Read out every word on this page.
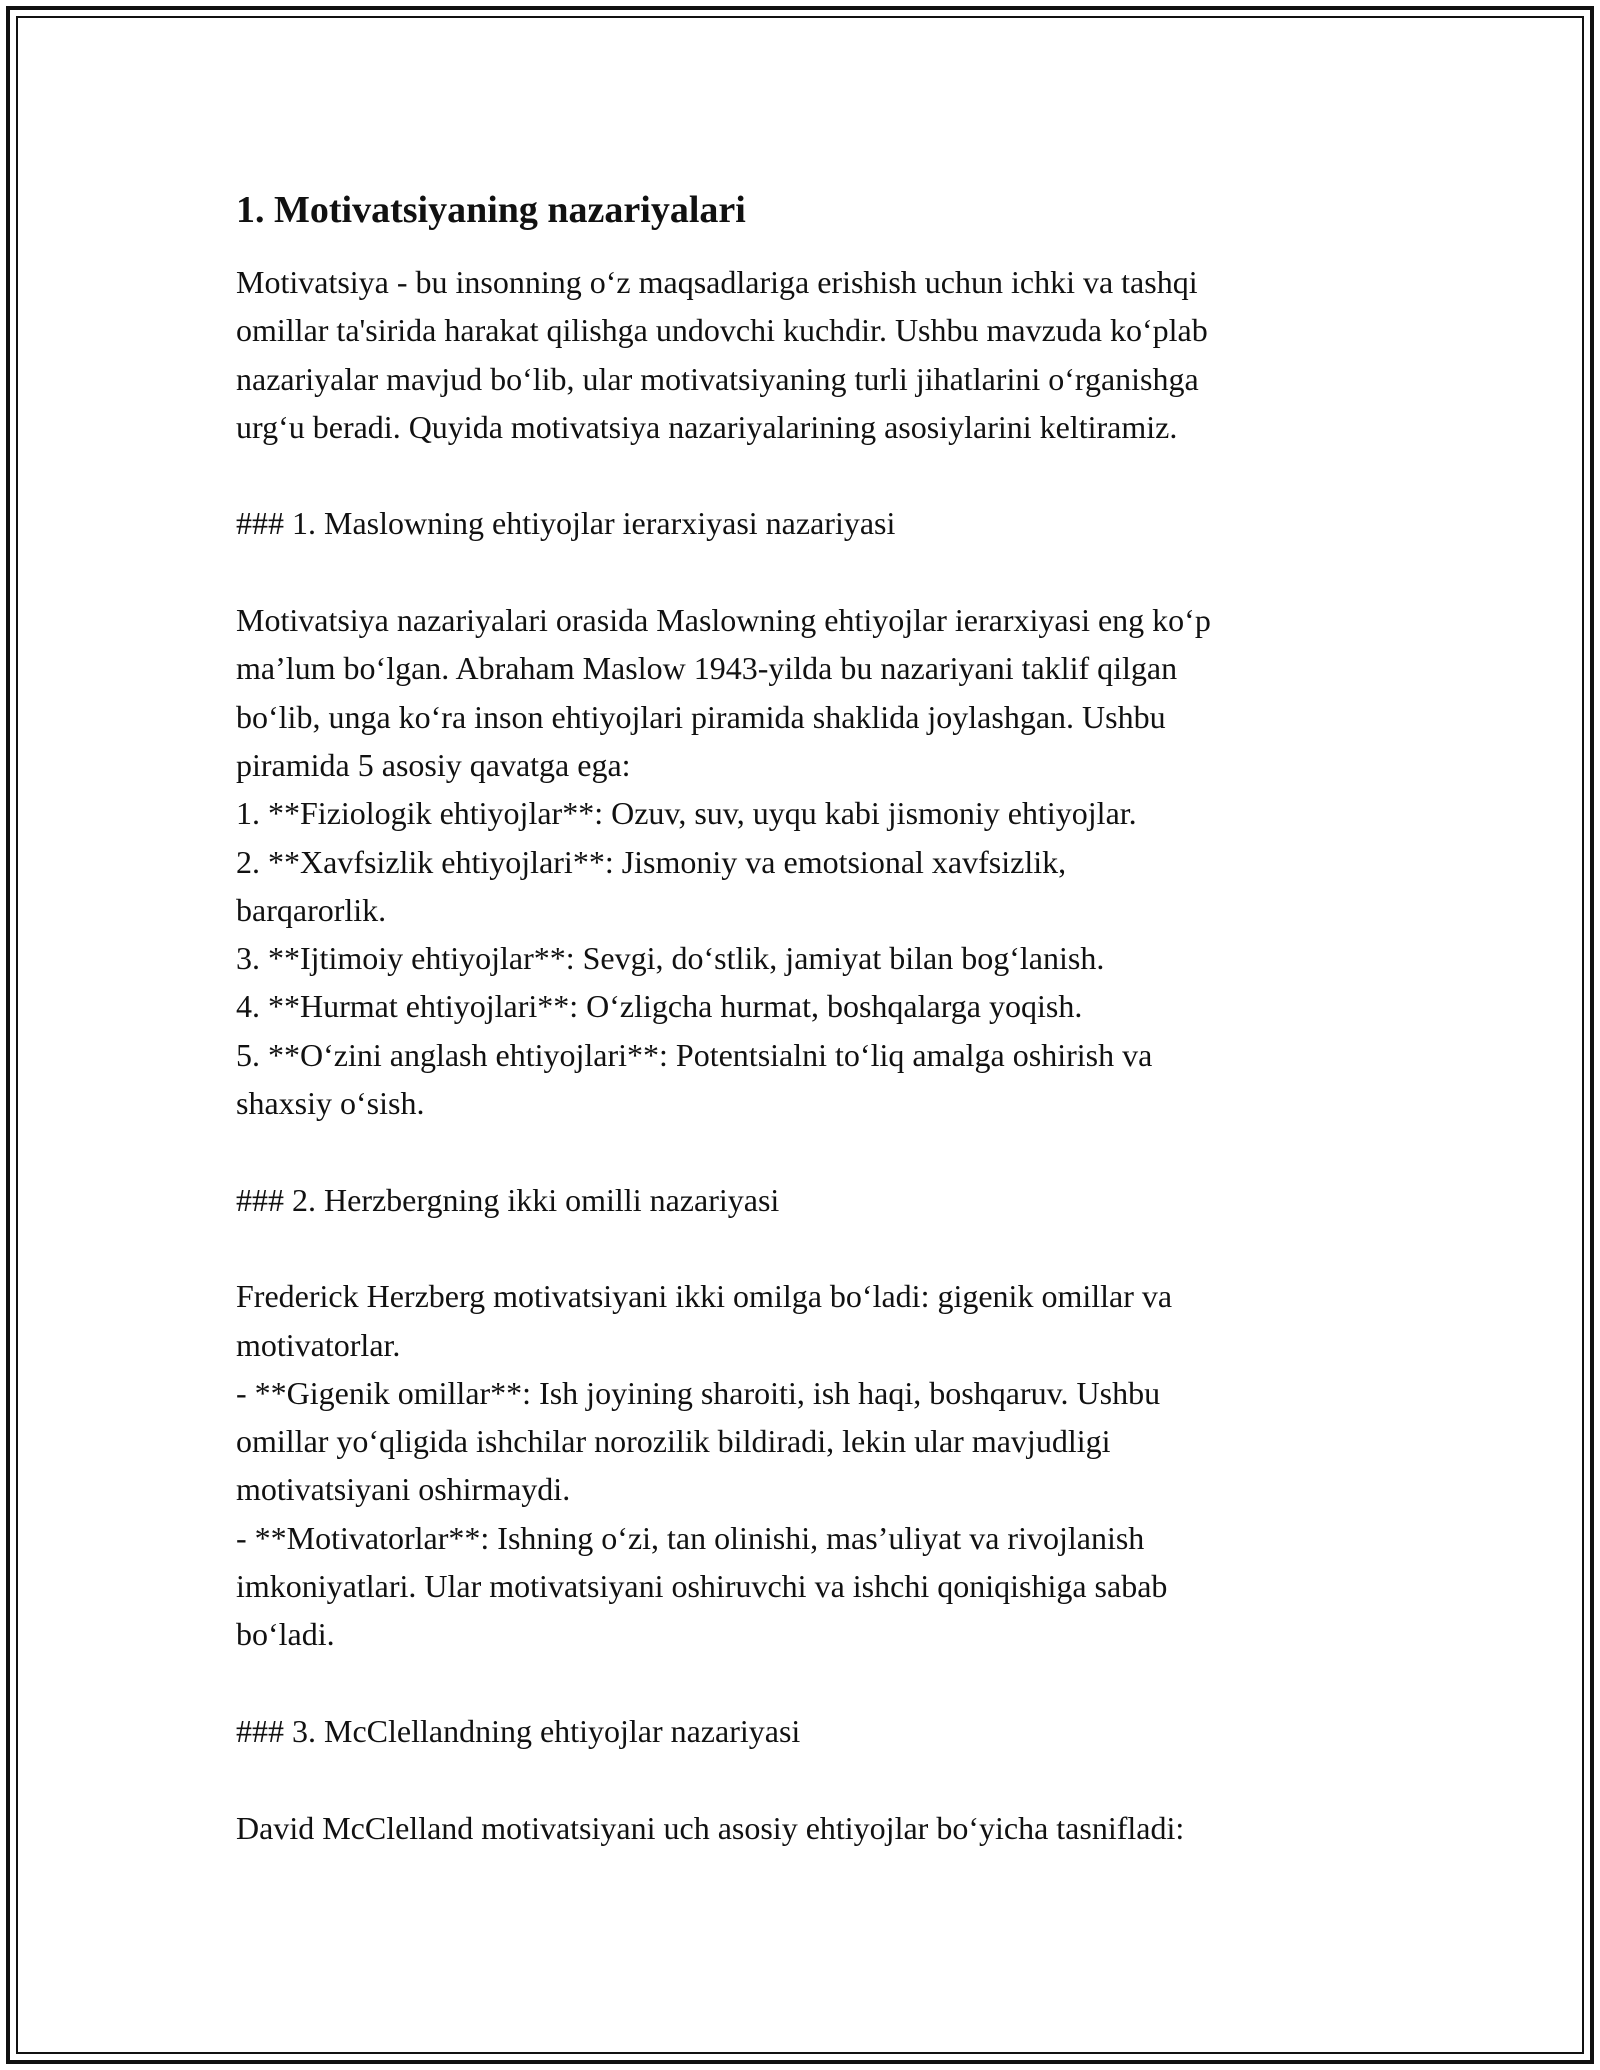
1. Motivatsiyaning nazariyalari

Motivatsiya - bu insonning o‘z maqsadlariga erishish uchun ichki va tashqi
omillar ta'sirida harakat qilishga undovchi kuchdir. Ushbu mavzuda ko‘plab
nazariyalar mavjud bo‘lib, ular motivatsiyaning turli jihatlarini o‘rganishga
urg‘u beradi. Quyida motivatsiya nazariyalarining asosiylarini keltiramiz.

### 1. Maslowning ehtiyojlar ierarxiyasi nazariyasi

Motivatsiya nazariyalari orasida Maslowning ehtiyojlar ierarxiyasi eng ko‘p
ma’lum bo‘lgan. Abraham Maslow 1943-yilda bu nazariyani taklif qilgan
bo‘lib, unga ko‘ra inson ehtiyojlari piramida shaklida joylashgan. Ushbu
piramida 5 asosiy qavatga ega:
1. **Fiziologik ehtiyojlar**: Ozuv, suv, uyqu kabi jismoniy ehtiyojlar.
2. **Xavfsizlik ehtiyojlari**: Jismoniy va emotsional xavfsizlik,
barqarorlik.
3. **Ijtimoiy ehtiyojlar**: Sevgi, do‘stlik, jamiyat bilan bog‘lanish.
4. **Hurmat ehtiyojlari**: O‘zligcha hurmat, boshqalarga yoqish.
5. **O‘zini anglash ehtiyojlari**: Potentsialni to‘liq amalga oshirish va
shaxsiy o‘sish.

### 2. Herzbergning ikki omilli nazariyasi

Frederick Herzberg motivatsiyani ikki omilga bo‘ladi: gigenik omillar va
motivatorlar.
- **Gigenik omillar**: Ish joyining sharoiti, ish haqi, boshqaruv. Ushbu
omillar yo‘qligida ishchilar norozilik bildiradi, lekin ular mavjudligi
motivatsiyani oshirmaydi.
- **Motivatorlar**: Ishning o‘zi, tan olinishi, mas’uliyat va rivojlanish
imkoniyatlari. Ular motivatsiyani oshiruvchi va ishchi qoniqishiga sabab
bo‘ladi.

### 3. McClellandning ehtiyojlar nazariyasi

David McClelland motivatsiyani uch asosiy ehtiyojlar bo‘yicha tasnifladi:
